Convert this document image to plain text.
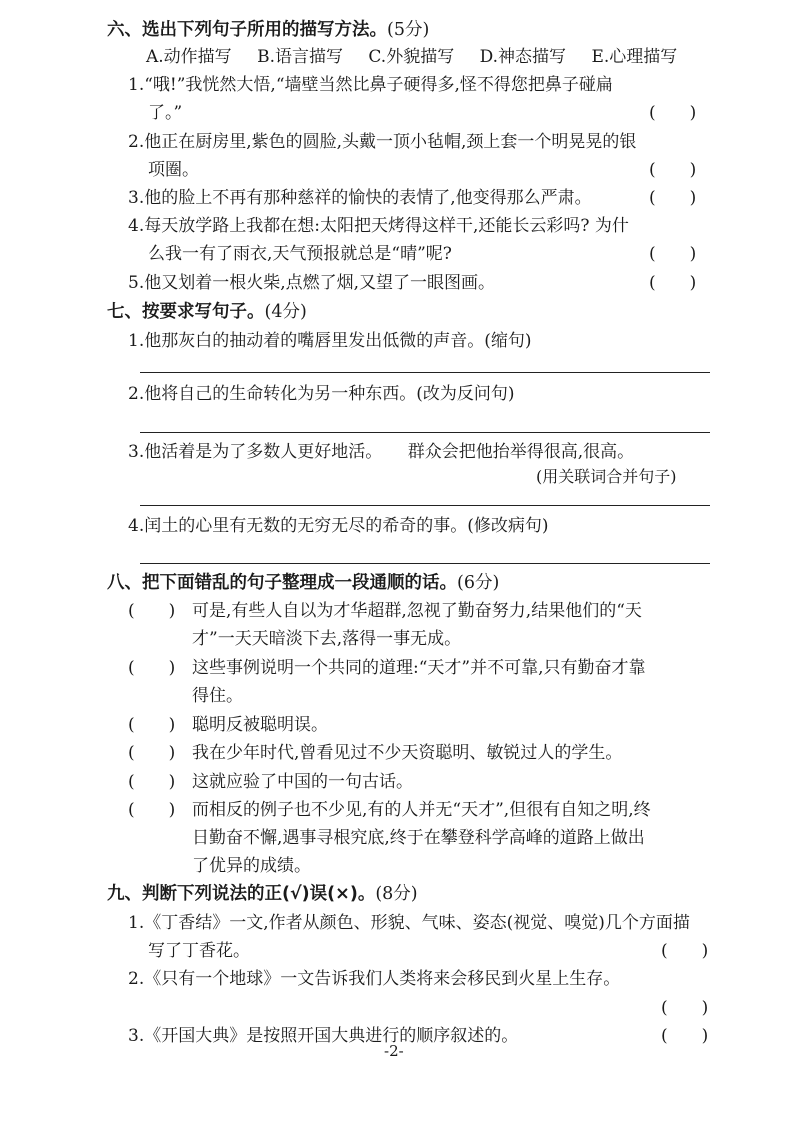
六、选出下列句子所用的描写方法。(5分)
A.动作描写 B.语言描写 C.外貌描写 D.神态描写 E.心理描写
1.“哦!”我恍然大悟,“墙壁当然比鼻子硬得多,怪不得您把鼻子碰扁
了。”	(　　)
2.他正在厨房里,紫色的圆脸,头戴一顶小毡帽,颈上套一个明晃晃的银
项圈。	(　　)
3.他的脸上不再有那种慈祥的愉快的表情了,他变得那么严肃。	(　　)
4.每天放学路上我都在想:太阳把天烤得这样干,还能长云彩吗? 为什
么我一有了雨衣,天气预报就总是“晴”呢?	(　　)
5.他又划着一根火柴,点燃了烟,又望了一眼图画。	(　　)
七、按要求写句子。(4分)
1.他那灰白的抽动着的嘴唇里发出低微的声音。(缩句)
2.他将自己的生命转化为另一种东西。(改为反问句)
3.他活着是为了多数人更好地活。　　群众会把他抬举得很高,很高。
(用关联词合并句子)
4.闰土的心里有无数的无穷无尽的希奇的事。(修改病句)
八、把下面错乱的句子整理成一段通顺的话。(6分)
(　　) 可是,有些人自以为才华超群,忽视了勤奋努力,结果他们的“天
才”一天天暗淡下去,落得一事无成。
(　　) 这些事例说明一个共同的道理:“天才”并不可靠,只有勤奋才靠
得住。
(　　) 聪明反被聪明误。
(　　) 我在少年时代,曾看见过不少天资聪明、敏锐过人的学生。
(　　) 这就应验了中国的一句古话。
(　　) 而相反的例子也不少见,有的人并无“天才”,但很有自知之明,终
日勤奋不懈,遇事寻根究底,终于在攀登科学高峰的道路上做出
了优异的成绩。
九、判断下列说法的正(√)误(×)。(8分)
1.《丁香结》一文,作者从颜色、形貌、气味、姿态(视觉、嗅觉)几个方面描
写了丁香花。	(　　)
2.《只有一个地球》一文告诉我们人类将来会移民到火星上生存。
(　　)
3.《开国大典》是按照开国大典进行的顺序叙述的。	(　　)
-2-
